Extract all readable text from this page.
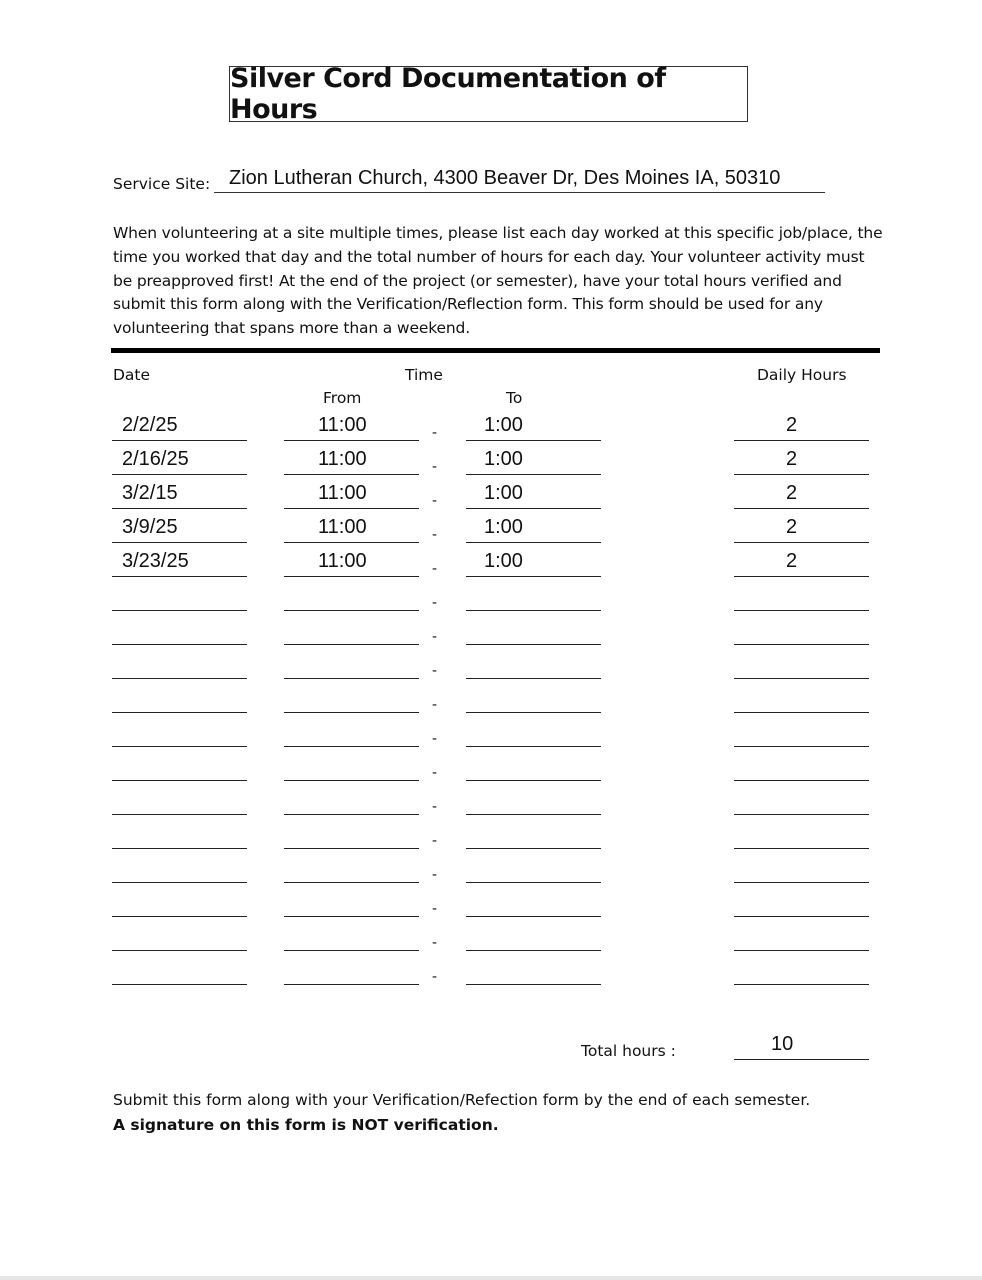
Silver Cord Documentation of Hours
Service Site: Zion Lutheran Church, 4300 Beaver Dr, Des Moines IA, 50310
When volunteering at a site multiple times, please list each day worked at this specific job/place, the time you worked that day and the total number of hours for each day. Your volunteer activity must be preapproved first! At the end of the project (or semester), have your total hours verified and submit this form along with the Verification/Reflection form. This form should be used for any volunteering that spans more than a weekend.
Date	Time
From	To
Daily Hours
2/2/25	11:00	1:00	2
-
2/16/25	11:00	1:00	2
-
3/2/15	11:00	1:00	2
-
3/9/25	11:00	1:00	2
-
3/23/25	11:00	1:00	2
-
-
-
-
-
-
-
-
-
-
-
-
-
Total hours :	10
Submit this form along with your Verification/Refection form by the end of each semester.
A signature on this form is NOT verification.
